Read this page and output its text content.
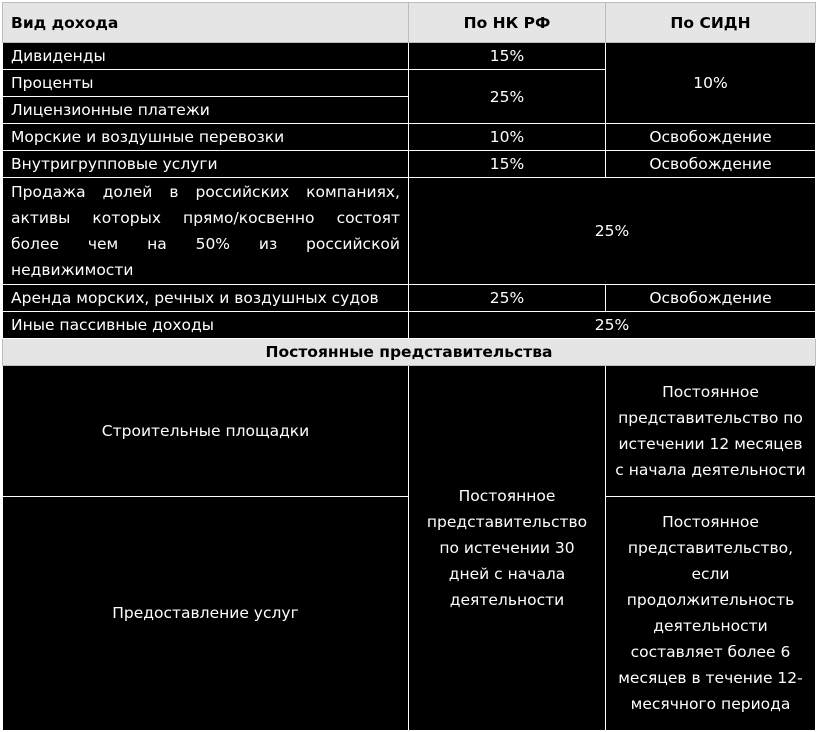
Вид дохода	По НК РФ	По СИДН
Дивиденды	15%	10%
Проценты	25%	
Лицензионные платежи		
Морские и воздушные перевозки	10%	Освобождение
Внутригрупповые услуги	15%	Освобождение
Продажа долей в российских компаниях, активы которых прямо/косвенно состоят более чем на 50% из российской недвижимости	25%	
Аренда морских, речных и воздушных судов	25%	Освобождение
Иные пассивные доходы	25%	
Постоянные представительства		
Строительные площадки	Постоянное представительство по истечении 30 дней с начала деятельности	Постоянное представительство по истечении 12 месяцев с начала деятельности
Предоставление услуг		Постоянное представительство, если продолжительность деятельности составляет более 6 месяцев в течение 12-месячного периода
